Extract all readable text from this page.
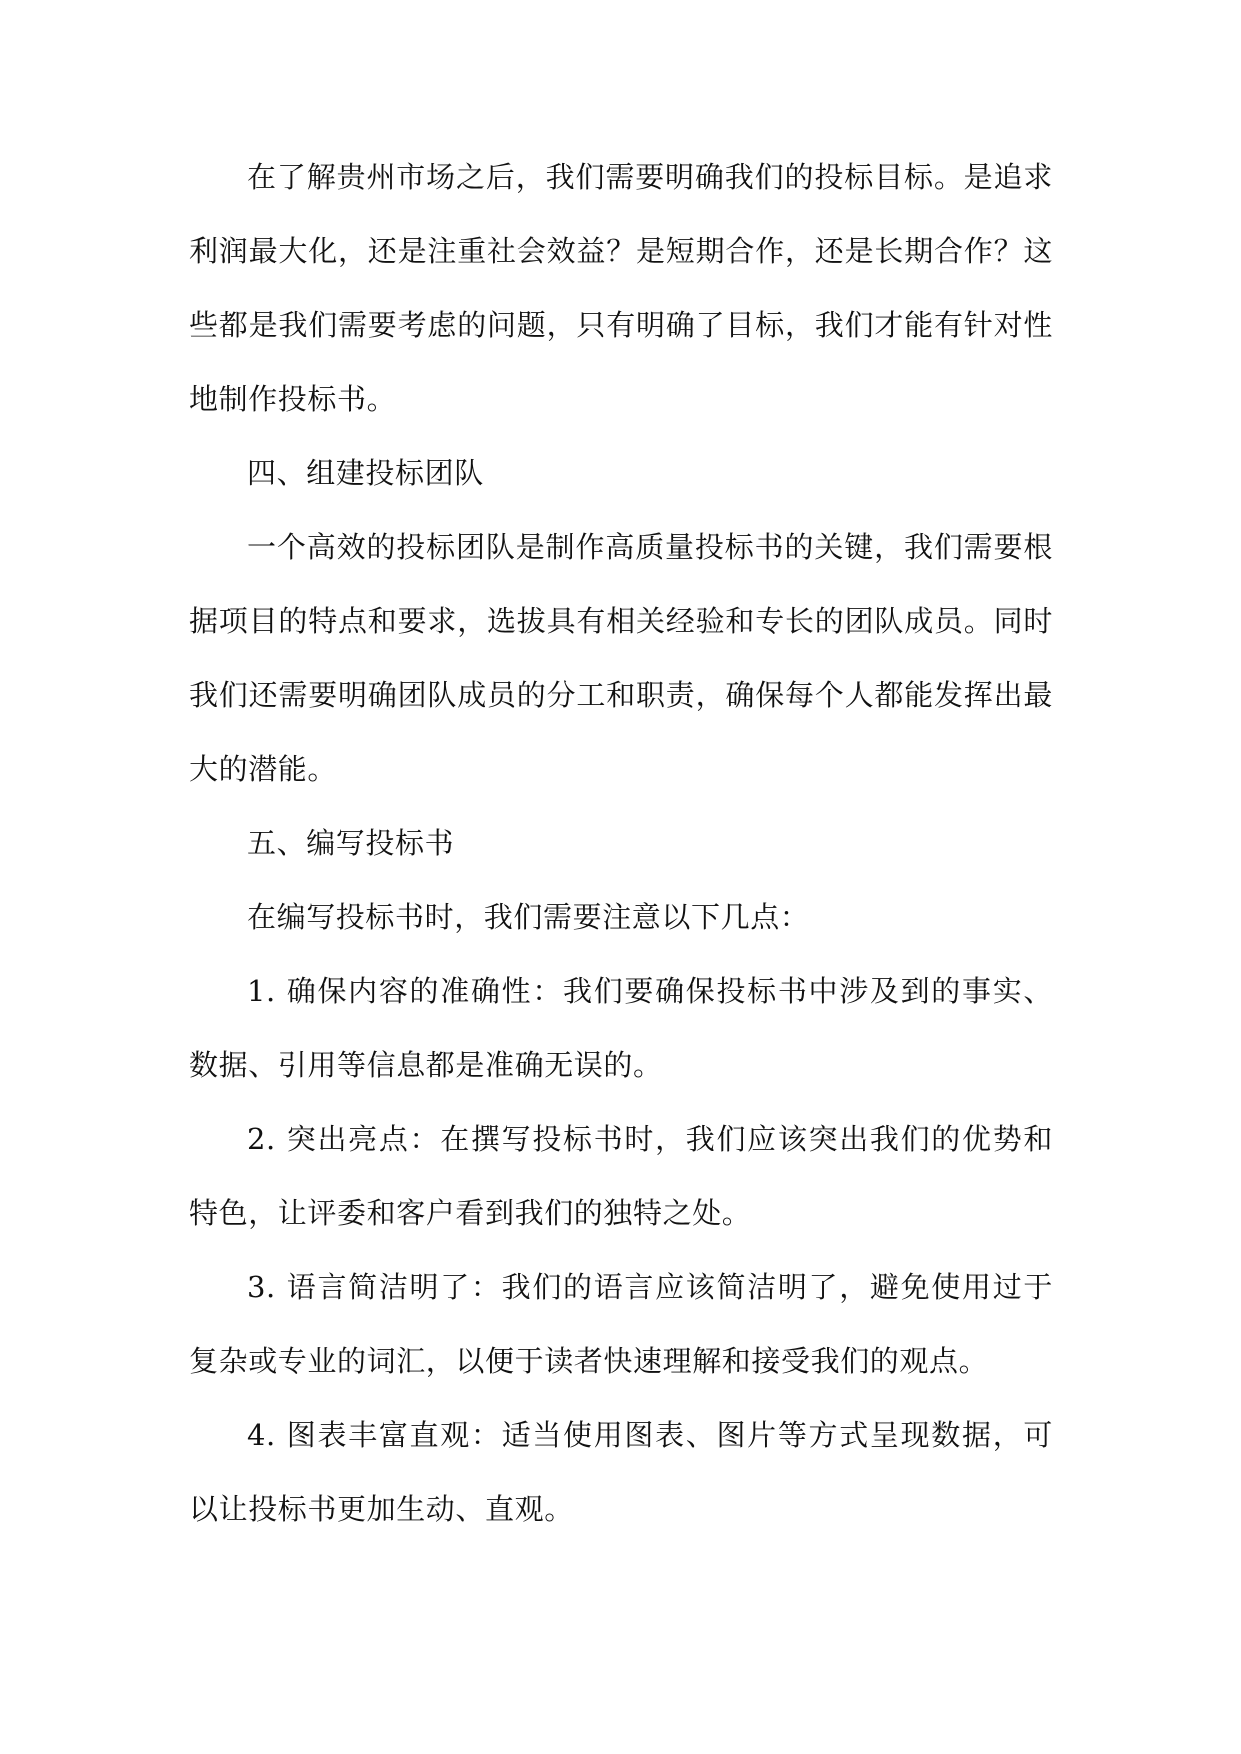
在了解贵州市场之后，我们需要明确我们的投标目标。是追求利润最大化，还是注重社会效益？是短期合作，还是长期合作？这些都是我们需要考虑的问题，只有明确了目标，我们才能有针对性地制作投标书。

四、组建投标团队

一个高效的投标团队是制作高质量投标书的关键，我们需要根据项目的特点和要求，选拔具有相关经验和专长的团队成员。同时我们还需要明确团队成员的分工和职责，确保每个人都能发挥出最大的潜能。

五、编写投标书

在编写投标书时，我们需要注意以下几点：

1. 确保内容的准确性：我们要确保投标书中涉及到的事实、数据、引用等信息都是准确无误的。

2. 突出亮点：在撰写投标书时，我们应该突出我们的优势和特色，让评委和客户看到我们的独特之处。

3. 语言简洁明了：我们的语言应该简洁明了，避免使用过于复杂或专业的词汇，以便于读者快速理解和接受我们的观点。

4. 图表丰富直观：适当使用图表、图片等方式呈现数据，可以让投标书更加生动、直观。
